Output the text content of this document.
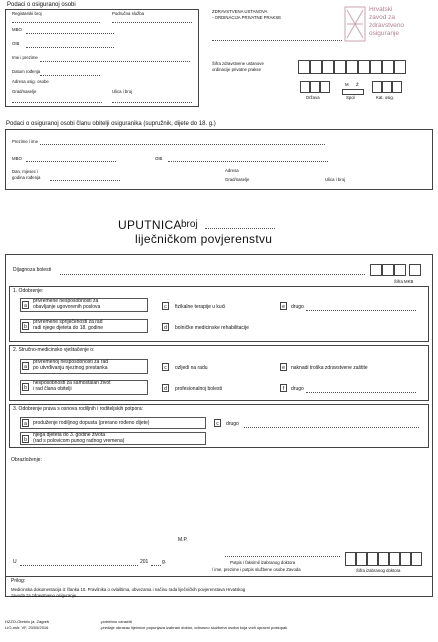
Podaci o osiguranoj osobi
Registarski broj	Područna služba
MBO
OIB
Ime i prezime
Datum rođenja
Adresa osig. osobe
Grad/naselje	Ulica i broj
ZDRAVSTVENA USTANOVA
- ORDINACIJA PRIVATNE PRAKSE
Šifra zdravstvene ustanove
ordinacije privatne prakse
Država
M Ž
Spol	Kat. osig.
Hrvatski
zavod za
zdravstveno
osiguranje
Podaci o osiguranoj osobi članu obitelji osiguranika (supružnik, dijete do 18. g.)
Prezime i ime
MBO	OIB
Dan, mjesec i
godina rođenja
Adresa
Grad/naselje	Ulica i broj
UPUTNICA broj
liječničkom povjerenstvu
Dijagnoza bolesti
Šifra MKB
1. Odobrenje:
a
privremene nesposobnosti za
obavljanje ugovorenih poslova
b
privremene spriječenosti za rad
radi njege djeteta do 18. godine
c	fizikalne terapije u kući
d	bolničke medicinske rehabilitacije
e	drugo
2. Stručno-medicinsko vještačenje o:
a
privremenoj nesposobnosti za rad
po utvrđivanju njezinog prestanka
b
nesposobnosti za samostalan život
i rad člana obitelji
c	ozljedi na radu
d	profesionalnoj bolesti
e	naknadi troška zdravstvene zaštite
f	drugo
3. Odobrenje prava s osnova rodiljnih i roditeljskih potpora:
a	produženje rodiljnog dopusta (prerano rođeno dijete)
b
njega djeteta do 3. godine života
(rad s polovicom punog radnog vremena)
c	drugo
Obrazloženje:
M.P.
U	201	g.	Potpis i faksimil izabranog doktora
/ ime, prezime i potpis službene osobe Zavoda	Šifra izabranog doktora
Prilog:
Medicinska dokumentacija iz članka 10. Pravilnika o ovlaštima, obvezama i načinu rada liječničkih povjerenstava Hrvatskog
zavoda za zdravstveno osiguranje
HZZO-Obrtnic ja, Zagreb
LIO-nsh: VF, 20/05/2016
-potrebno označiti
-predaje obrazac liječnice popunjava izabrani doktor, odnosno službena osoba koja vodi upravni postupak
